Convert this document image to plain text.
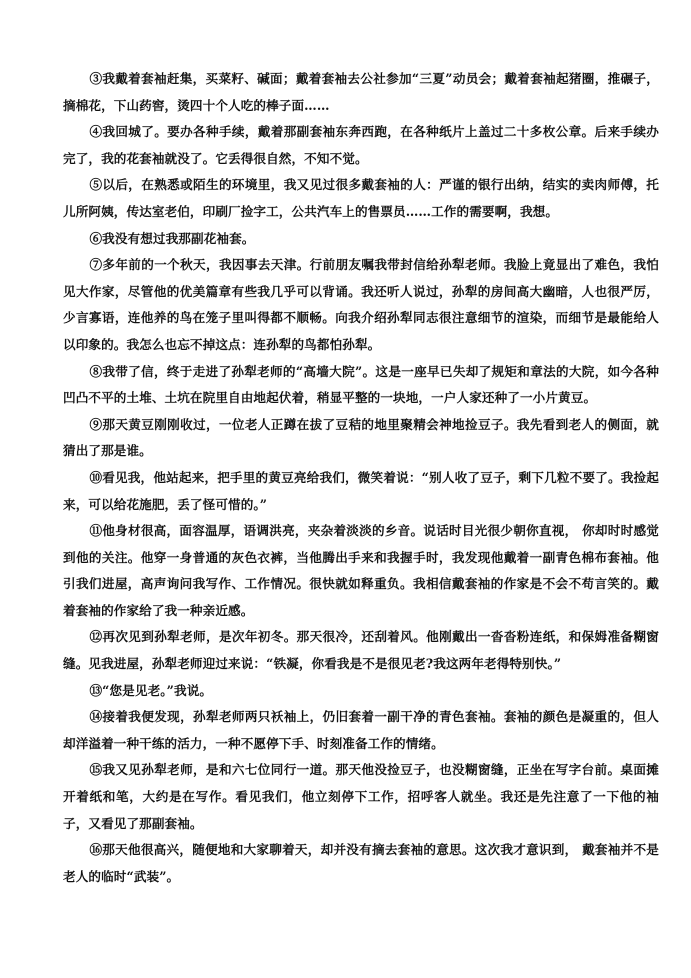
③我戴着套袖赶集，买菜籽、碱面；戴着套袖去公社参加“三夏”动员会；戴着套袖起猪圈，推碾子，摘棉花，下山药窖，烫四十个人吃的棒子面……

④我回城了。要办各种手续，戴着那副套袖东奔西跑，在各种纸片上盖过二十多枚公章。后来手续办完了，我的花套袖就没了。它丢得很自然，不知不觉。

⑤以后，在熟悉或陌生的环境里，我又见过很多戴套袖的人：严谨的银行出纳，结实的卖肉师傅，托儿所阿姨，传达室老伯，印刷厂捡字工，公共汽车上的售票员……工作的需要啊，我想。

⑥我没有想过我那副花袖套。

⑦多年前的一个秋天，我因事去天津。行前朋友嘱我带封信给孙犁老师。我脸上竟显出了难色，我怕见大作家，尽管他的优美篇章有些我几乎可以背诵。我还听人说过，孙犁的房间高大幽暗，人也很严厉，少言寡语，连他养的鸟在笼子里叫得都不顺畅。向我介绍孙犁同志很注意细节的渲染，而细节是最能给人以印象的。我怎么也忘不掉这点：连孙犁的鸟都怕孙犁。

⑧我带了信，终于走进了孙犁老师的“高墙大院”。这是一座早已失却了规矩和章法的大院，如今各种凹凸不平的土堆、土坑在院里自由地起伏着，稍显平整的一块地，一户人家还种了一小片黄豆。

⑨那天黄豆刚刚收过，一位老人正蹲在拔了豆秸的地里聚精会神地捡豆子。我先看到老人的侧面，就猜出了那是谁。

⑩看见我，他站起来，把手里的黄豆亮给我们，微笑着说：“别人收了豆子，剩下几粒不要了。我捡起来，可以给花施肥，丢了怪可惜的。”

⑪他身材很高，面容温厚，语调洪亮，夹杂着淡淡的乡音。说话时目光很少朝你直视， 你却时时感觉到他的关注。他穿一身普通的灰色衣裤，当他腾出手来和我握手时，我发现他戴着一副青色棉布套袖。他引我们进屋，高声询问我写作、工作情况。很快就如释重负。我相信戴套袖的作家是不会不苟言笑的。戴着套袖的作家给了我一种亲近感。

⑫再次见到孙犁老师，是次年初冬。那天很冷，还刮着风。他刚戴出一沓沓粉连纸，和保姆准备糊窗缝。见我进屋，孙犁老师迎过来说：“铁凝，你看我是不是很见老?我这两年老得特别快。”

⑬“您是见老。”我说。

⑭接着我便发现，孙犁老师两只袄袖上，仍旧套着一副干净的青色套袖。套袖的颜色是凝重的，但人却洋溢着一种干练的活力，一种不愿停下手、时刻准备工作的情绪。

⑮我又见孙犁老师，是和六七位同行一道。那天他没捡豆子，也没糊窗缝，正坐在写字台前。桌面摊开着纸和笔，大约是在写作。看见我们，他立刻停下工作，招呼客人就坐。我还是先注意了一下他的袖子，又看见了那副套袖。

⑯那天他很高兴，随便地和大家聊着天，却并没有摘去套袖的意思。这次我才意识到， 戴套袖并不是老人的临时“武装”。
